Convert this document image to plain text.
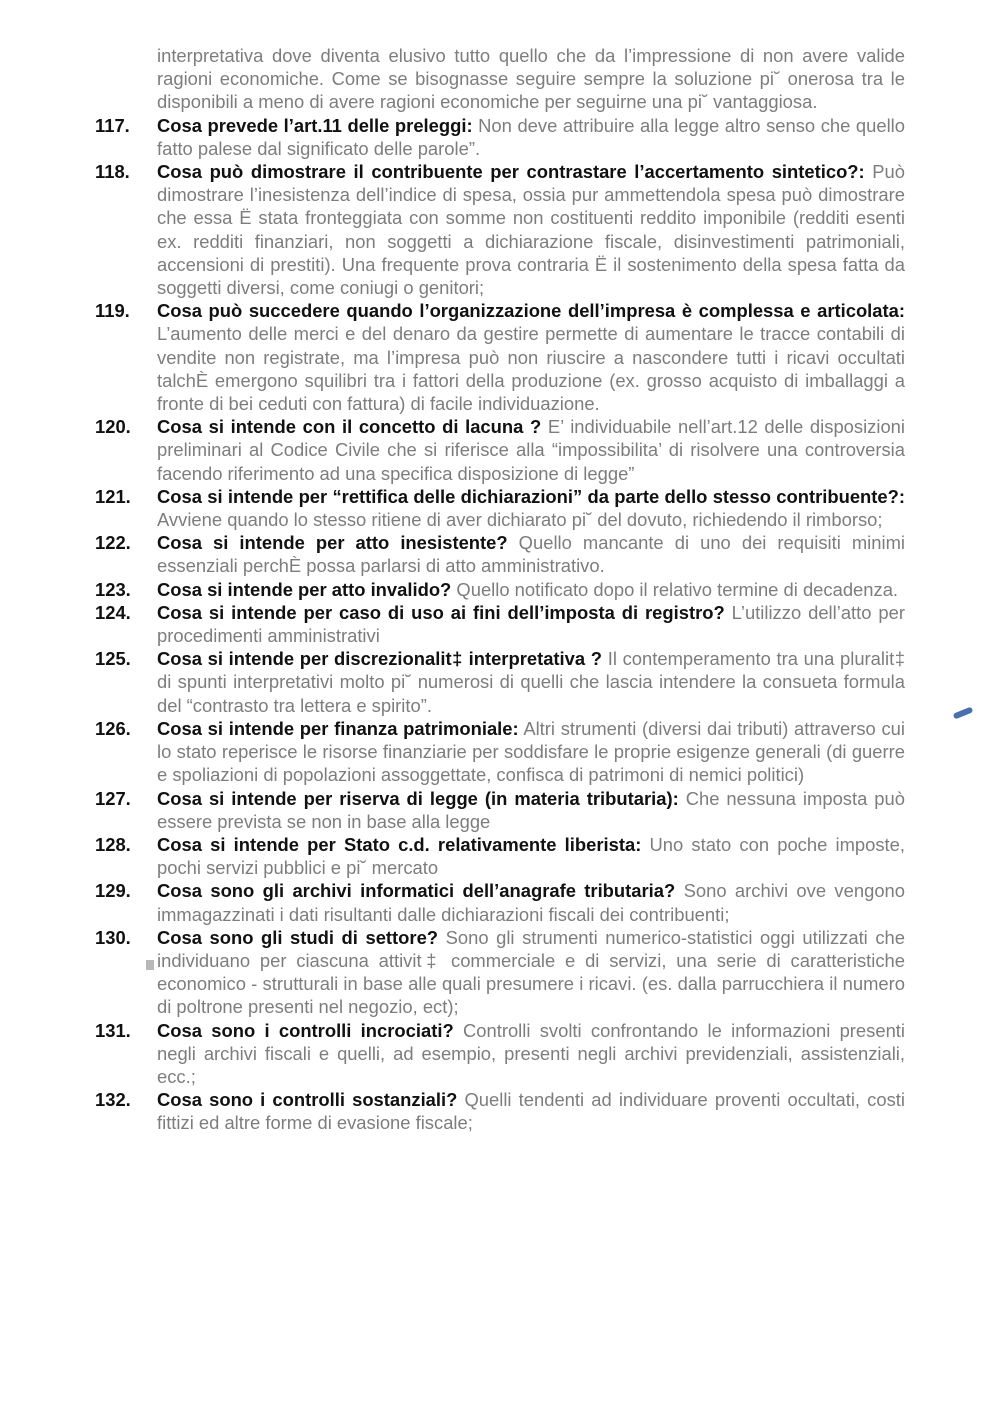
interpretativa dove diventa elusivo tutto quello che da l’impressione di non avere valide ragioni economiche. Come se bisognasse seguire sempre la soluzione pi˘ onerosa tra le disponibili a meno di avere ragioni economiche per seguirne una pi˘ vantaggiosa.
117. Cosa prevede l’art.11 delle preleggi: Non deve attribuire alla legge altro senso che quello fatto palese dal significato delle parole”.
118. Cosa può dimostrare il contribuente per contrastare l’accertamento sintetico?: Può dimostrare l’inesistenza dell’indice di spesa, ossia pur ammettendola spesa può dimostrare che essa Ë stata fronteggiata con somme non costituenti reddito imponibile (redditi esenti ex. redditi finanziari, non soggetti a dichiarazione fiscale, disinvestimenti patrimoniali, accensioni di prestiti). Una frequente prova contraria Ë il sostenimento della spesa fatta da soggetti diversi, come coniugi o genitori;
119. Cosa può succedere quando l’organizzazione dell’impresa è complessa e articolata: L’aumento delle merci e del denaro da gestire permette di aumentare le tracce contabili di vendite non registrate, ma l’impresa può non riuscire a nascondere tutti i ricavi occultati talchÈ emergono squilibri tra i fattori della produzione (ex. grosso acquisto di imballaggi a fronte di bei ceduti con fattura) di facile individuazione.
120. Cosa si intende con il concetto di lacuna ? E’ individuabile nell’art.12 delle disposizioni preliminari al Codice Civile che si riferisce alla “impossibilita’ di risolvere una controversia facendo riferimento ad una specifica disposizione di legge”
121. Cosa si intende per “rettifica delle dichiarazioni” da parte dello stesso contribuente?: Avviene quando lo stesso ritiene di aver dichiarato pi˘ del dovuto, richiedendo il rimborso;
122. Cosa si intende per atto inesistente? Quello mancante di uno dei requisiti minimi essenziali perchÈ possa parlarsi di atto amministrativo.
123. Cosa si intende per atto invalido? Quello notificato dopo il relativo termine di decadenza.
124. Cosa si intende per caso di uso ai fini dell’imposta di registro? L’utilizzo dell’atto per procedimenti amministrativi
125. Cosa si intende per discrezionalit‡ interpretativa ? Il contemperamento tra una pluralit‡ di spunti interpretativi molto pi˘ numerosi di quelli che lascia intendere la consueta formula del “contrasto tra lettera e spirito”.
126. Cosa si intende per finanza patrimoniale: Altri strumenti (diversi dai tributi) attraverso cui lo stato reperisce le risorse finanziarie per soddisfare le proprie esigenze generali (di guerre e spoliazioni di popolazioni assoggettate, confisca di patrimoni di nemici politici)
127. Cosa si intende per riserva di legge (in materia tributaria): Che nessuna imposta può essere prevista se non in base alla legge
128. Cosa si intende per Stato c.d. relativamente liberista: Uno stato con poche imposte, pochi servizi pubblici e pi˘ mercato
129. Cosa sono gli archivi informatici dell’anagrafe tributaria? Sono archivi ove vengono immagazzinati i dati risultanti dalle dichiarazioni fiscali dei contribuenti;
130. Cosa sono gli studi di settore? Sono gli strumenti numerico-statistici oggi utilizzati che individuano per ciascuna attivit‡ commerciale e di servizi, una serie di caratteristiche economico - strutturali in base alle quali presumere i ricavi. (es. dalla parrucchiera il numero di poltrone presenti nel negozio, ect);
131. Cosa sono i controlli incrociati? Controlli svolti confrontando le informazioni presenti negli archivi fiscali e quelli, ad esempio, presenti negli archivi previdenziali, assistenziali, ecc.;
132. Cosa sono i controlli sostanziali? Quelli tendenti ad individuare proventi occultati, costi fittizi ed altre forme di evasione fiscale;
